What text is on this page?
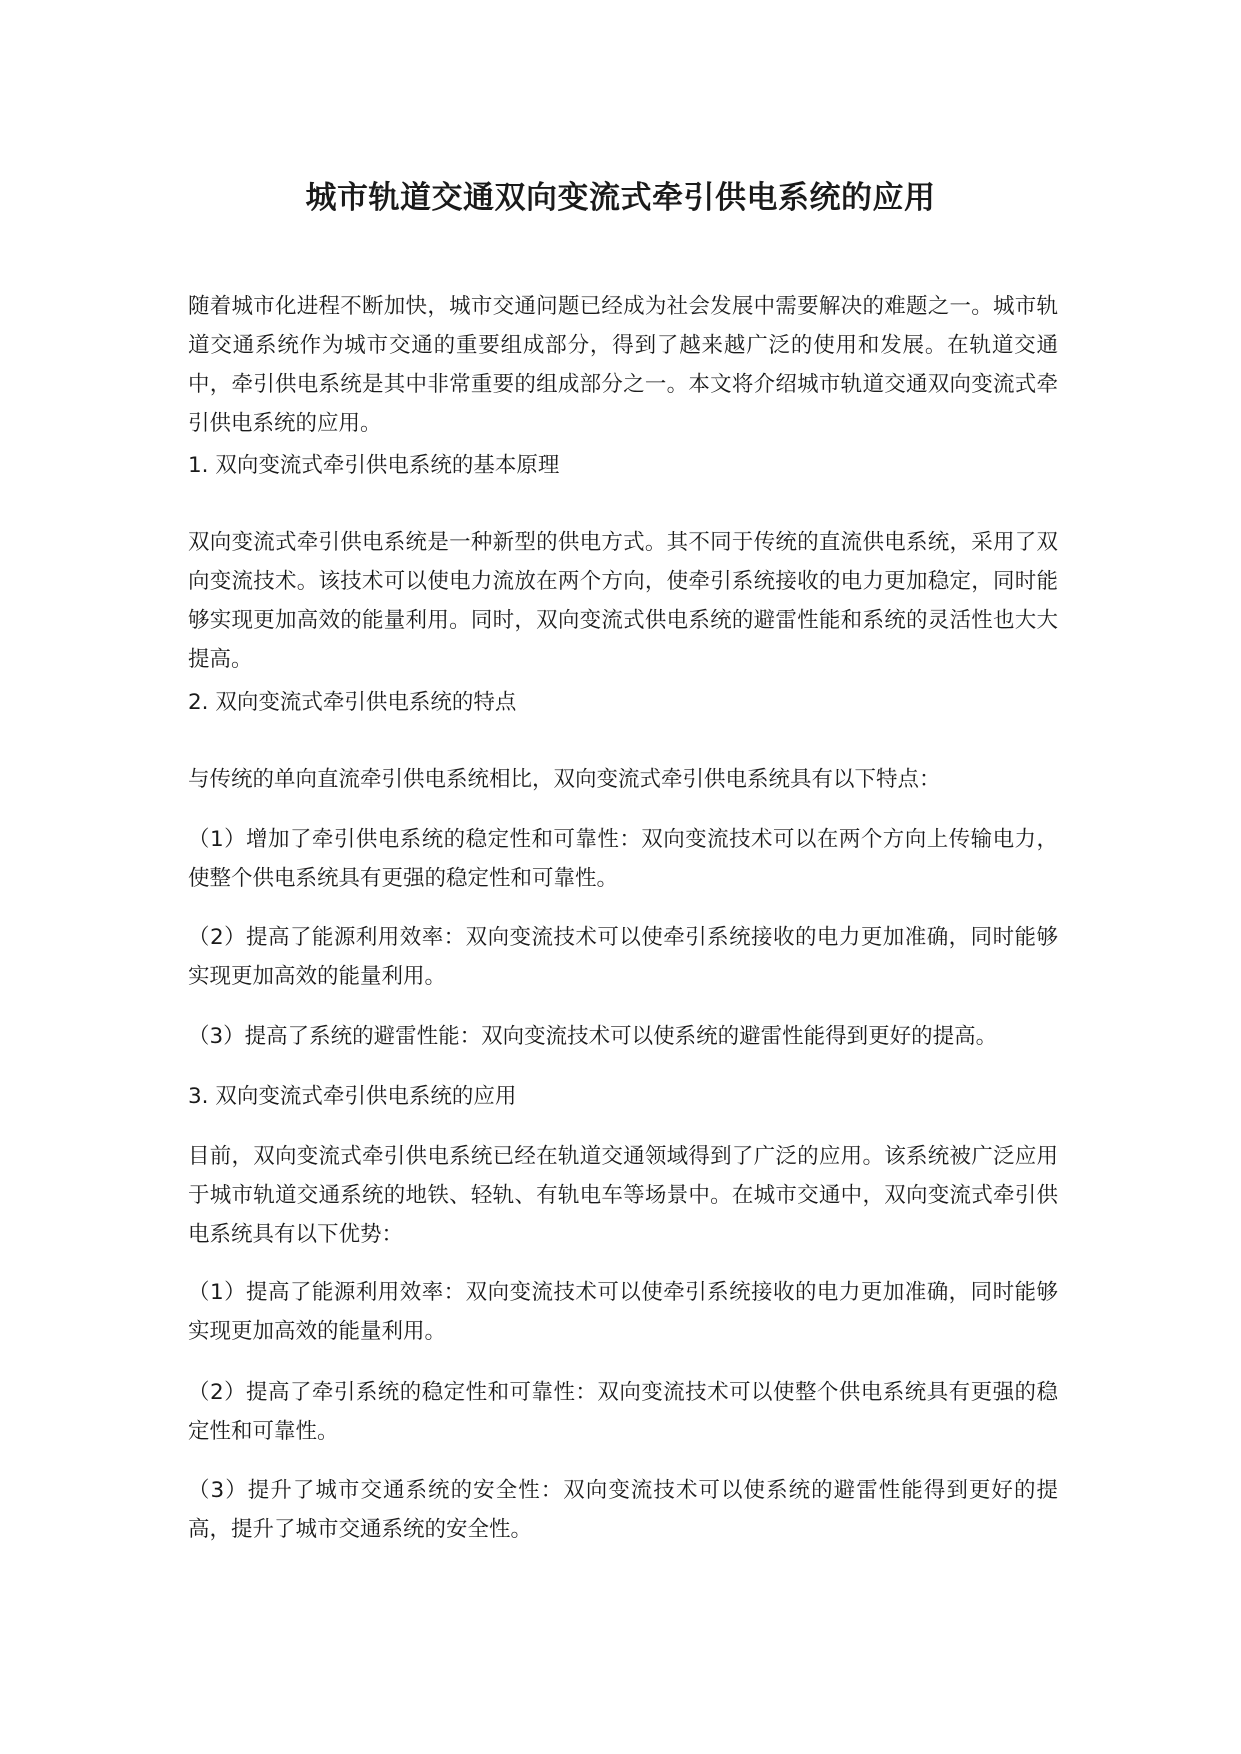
城市轨道交通双向变流式牵引供电系统的应用

随着城市化进程不断加快，城市交通问题已经成为社会发展中需要解决的难题之一。城市轨道交通系统作为城市交通的重要组成部分，得到了越来越广泛的使用和发展。在轨道交通中，牵引供电系统是其中非常重要的组成部分之一。本文将介绍城市轨道交通双向变流式牵引供电系统的应用。

1. 双向变流式牵引供电系统的基本原理

双向变流式牵引供电系统是一种新型的供电方式。其不同于传统的直流供电系统，采用了双向变流技术。该技术可以使电力流放在两个方向，使牵引系统接收的电力更加稳定，同时能够实现更加高效的能量利用。同时，双向变流式供电系统的避雷性能和系统的灵活性也大大提高。

2. 双向变流式牵引供电系统的特点

与传统的单向直流牵引供电系统相比，双向变流式牵引供电系统具有以下特点：

（1）增加了牵引供电系统的稳定性和可靠性：双向变流技术可以在两个方向上传输电力，使整个供电系统具有更强的稳定性和可靠性。

（2）提高了能源利用效率：双向变流技术可以使牵引系统接收的电力更加准确，同时能够实现更加高效的能量利用。

（3）提高了系统的避雷性能：双向变流技术可以使系统的避雷性能得到更好的提高。

3. 双向变流式牵引供电系统的应用

目前，双向变流式牵引供电系统已经在轨道交通领域得到了广泛的应用。该系统被广泛应用于城市轨道交通系统的地铁、轻轨、有轨电车等场景中。在城市交通中，双向变流式牵引供电系统具有以下优势：

（1）提高了能源利用效率：双向变流技术可以使牵引系统接收的电力更加准确，同时能够实现更加高效的能量利用。

（2）提高了牵引系统的稳定性和可靠性：双向变流技术可以使整个供电系统具有更强的稳定性和可靠性。

（3）提升了城市交通系统的安全性：双向变流技术可以使系统的避雷性能得到更好的提高，提升了城市交通系统的安全性。
